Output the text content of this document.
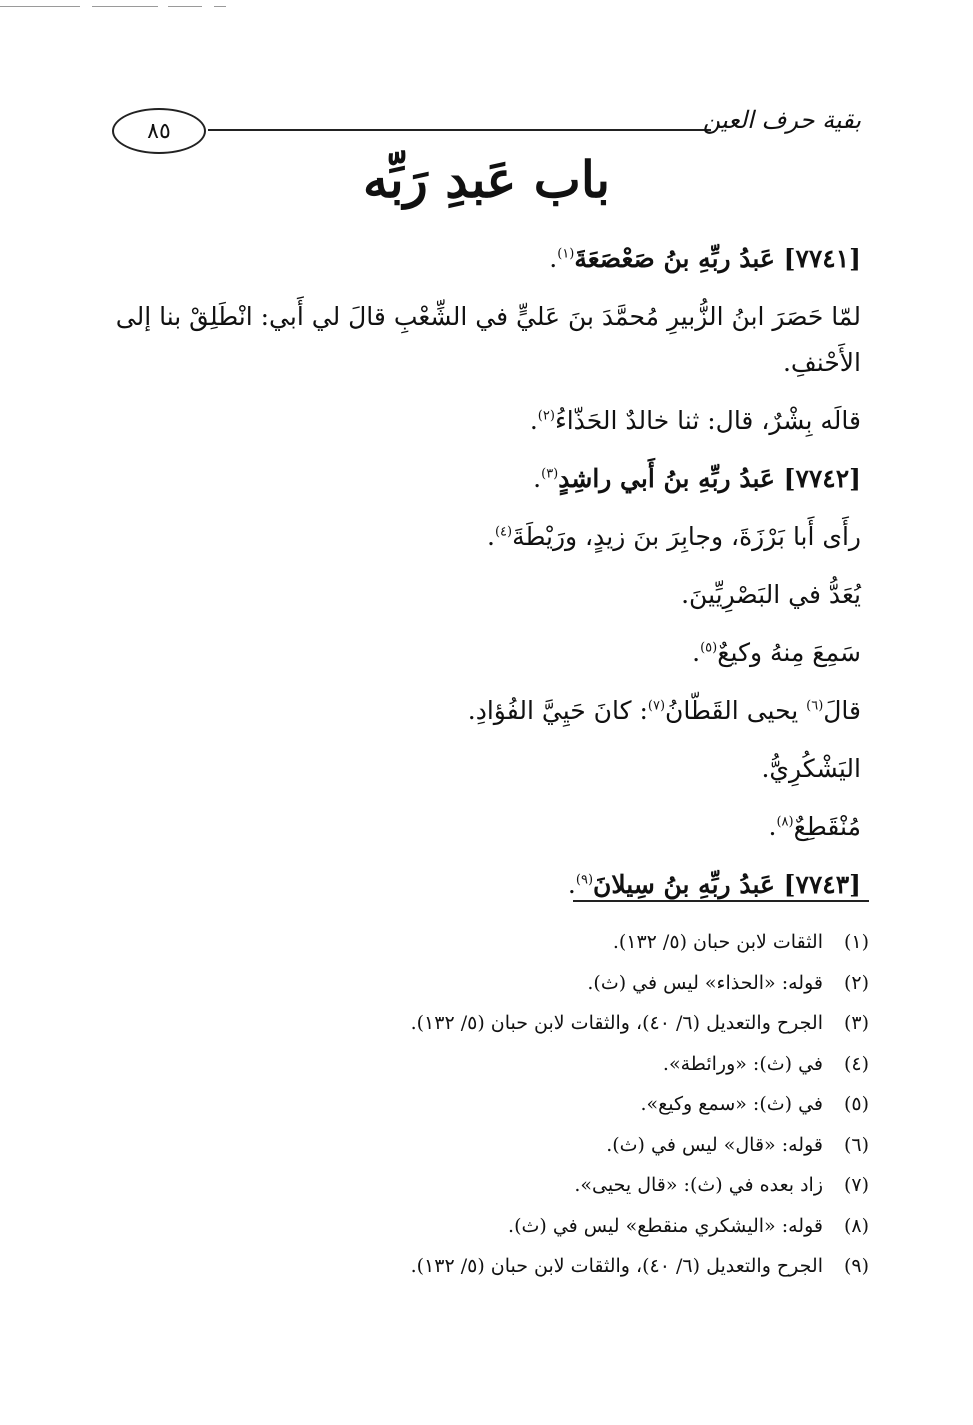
٨٥	بقية حرف العين
باب عَبدِ رَبِّه

[٧٧٤١] عَبدُ ربِّهِ بنُ صَعْصَعَةَ$^{(١)}$.

لمّا حَصَرَ ابنُ الزُّبيرِ مُحمَّدَ بنَ عَليٍّ في الشِّعْبِ قالَ لي أَبي: انْطَلِقْ بنا إلى الأَحْنفِ.

قالَه بِشْرٌ، قال: ثنا خالدٌ الحَذّاءُ$^{(٢)}$.

[٧٧٤٢] عَبدُ ربِّهِ بنُ أَبي راشِدٍ$^{(٣)}$.

رأَى أَبا بَرْزَةَ، وجابِرَ بنَ زيدٍ، ورَيْطَةَ$^{(٤)}$.

يُعَدُّ في البَصْرِيِّينَ.

سَمِعَ مِنهُ وكيعٌ$^{(٥)}$.

قالَ$^{(٦)}$ يحيى القَطّانُ$^{(٧)}$: كانَ حَيِيَّ الفُؤادِ.

اليَشْكُرِيُّ.

مُنْقَطِعٌ$^{(٨)}$.

[٧٧٤٣] عَبدُ ربِّهِ بنُ سِيلانَ$^{(٩)}$.

(١)الثقات لابن حبان (٥/ ١٣٢).
(٢)قوله: «الحذاء» ليس في (ث).
(٣)الجرح والتعديل (٦/ ٤٠)، والثقات لابن حبان (٥/ ١٣٢).
(٤)في (ث): «ورائطة».
(٥)في (ث): «سمع وكيع».
(٦)قوله: «قال» ليس في (ث).
(٧)زاد بعده في (ث): «قال يحيى».
(٨)قوله: «اليشكري منقطع» ليس في (ث).
(٩)الجرح والتعديل (٦/ ٤٠)، والثقات لابن حبان (٥/ ١٣٢).
